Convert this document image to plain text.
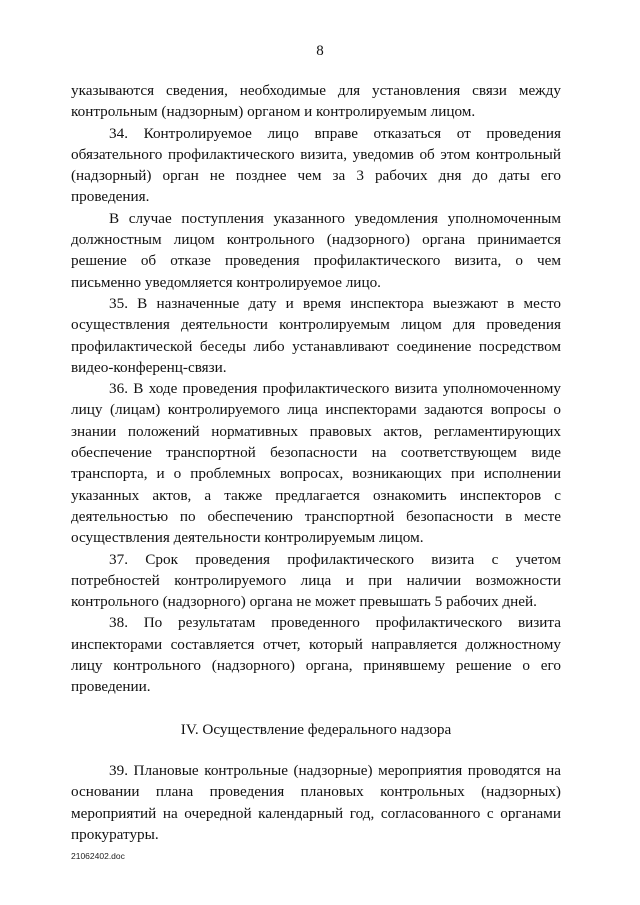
8

указываются сведения, необходимые для установления связи между контрольным (надзорным) органом и контролируемым лицом.

34. Контролируемое лицо вправе отказаться от проведения обязательного профилактического визита, уведомив об этом контрольный (надзорный) орган не позднее чем за 3 рабочих дня до даты его проведения.

В случае поступления указанного уведомления уполномоченным должностным лицом контрольного (надзорного) органа принимается решение об отказе проведения профилактического визита, о чем письменно уведомляется контролируемое лицо.

35. В назначенные дату и время инспектора выезжают в место осуществления деятельности контролируемым лицом для проведения профилактической беседы либо устанавливают соединение посредством видео-конференц-связи.

36. В ходе проведения профилактического визита уполномоченному лицу (лицам) контролируемого лица инспекторами задаются вопросы о знании положений нормативных правовых актов, регламентирующих обеспечение транспортной безопасности на соответствующем виде транспорта, и о проблемных вопросах, возникающих при исполнении указанных актов, а также предлагается ознакомить инспекторов с деятельностью по обеспечению транспортной безопасности в месте осуществления деятельности контролируемым лицом.

37. Срок проведения профилактического визита с учетом потребностей контролируемого лица и при наличии возможности контрольного (надзорного) органа не может превышать 5 рабочих дней.

38. По результатам проведенного профилактического визита инспекторами составляется отчет, который направляется должностному лицу контрольного (надзорного) органа, принявшему решение о его проведении.

IV. Осуществление федерального надзора

39. Плановые контрольные (надзорные) мероприятия проводятся на основании плана проведения плановых контрольных (надзорных) мероприятий на очередной календарный год, согласованного с органами прокуратуры.

21062402.doc
